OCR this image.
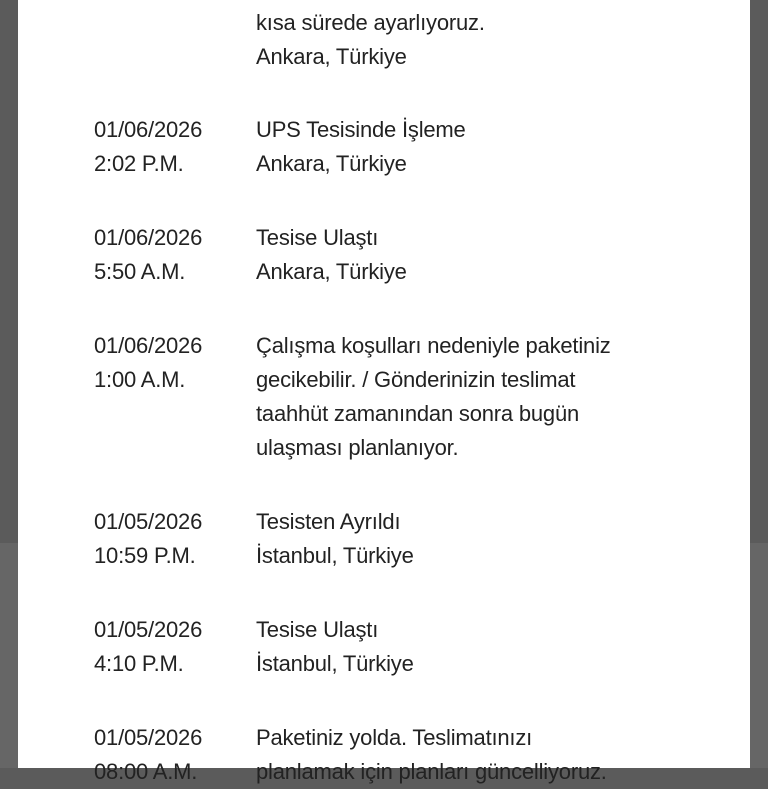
kısa sürede ayarlıyoruz.
Ankara, Türkiye
01/06/2026
2:02 P.M.
UPS Tesisinde İşleme
Ankara, Türkiye
01/06/2026
5:50 A.M.
Tesise Ulaştı
Ankara, Türkiye
01/06/2026
1:00 A.M.
Çalışma koşulları nedeniyle paketiniz
gecikebilir. / Gönderinizin teslimat
taahhüt zamanından sonra bugün
ulaşması planlanıyor.
01/05/2026
10:59 P.M.
Tesisten Ayrıldı
İstanbul, Türkiye
01/05/2026
4:10 P.M.
Tesise Ulaştı
İstanbul, Türkiye
01/05/2026
08:00 A.M.
Paketiniz yolda. Teslimatınızı
planlamak için planları güncelliyoruz.
